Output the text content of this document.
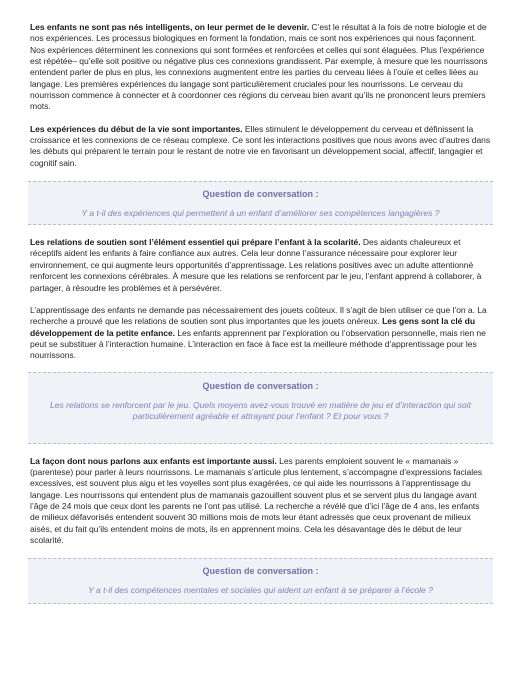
Les enfants ne sont pas nés intelligents, on leur permet de le devenir. C’est le résultat à la fois de notre biologie et de nos expériences. Les processus biologiques en forment la fondation, mais ce sont nos expériences qui nous façonnent. Nos expériences déterminent les connexions qui sont formées et renforcées et celles qui sont élaguées. Plus l’expérience est répétée– qu’elle soit positive ou négative plus ces connexions grandissent. Par exemple, à mesure que les nourrissons entendent parler de plus en plus, les connexions augmentent entre les parties du cerveau liées à l’ouïe et celles liées au langage. Les premières expériences du langage sont particulièrement cruciales pour les nourrissons. Le cerveau du nourrisson commence à connecter et à coordonner ces régions du cerveau bien avant qu’ils ne prononcent leurs premiers mots.

Les expériences du début de la vie sont importantes. Elles stimulent le développement du cerveau et définissent la croissance et les connexions de ce réseau complexe. Ce sont les interactions positives que nous avons avec d’autres dans les débuts qui préparent le terrain pour le restant de notre vie en favorisant un développement social, affectif, langagier et cognitif sain.

Question de conversation :

Y a t-il des expériences qui permettent à un enfant d’améliorer ses compétences langagières ?

Les relations de soutien sont l’élément essentiel qui prépare l’enfant à la scolarité. Des aidants chaleureux et réceptifs aident les enfants à faire confiance aux autres. Cela leur donne l’assurance nécessaire pour explorer leur environnement, ce qui augmente leurs opportunités d’apprentissage. Les relations positives avec un adulte attentionné renforcent les connexions cérébrales. À mesure que les relations se renforcent par le jeu, l’enfant apprend à collaborer, à partager, à résoudre les problèmes et à persévérer.

L’apprentissage des enfants ne demande pas nécessairement des jouets coûteux. Il s’agit de bien utiliser ce que l’on a. La recherche a prouvé que les relations de soutien sont plus importantes que les jouets onéreux. Les gens sont la clé du développement de la petite enfance. Les enfants apprennent par l’exploration ou l’observation personnelle, mais rien ne peut se substituer à l’interaction humaine. L’interaction en face à face est la meilleure méthode d’apprentissage pour les nourrissons.

Question de conversation :

Les relations se renforcent par le jeu. Quels moyens avez-vous trouvé en matière de jeu et d’interaction qui soit particulièrement agréable et attrayant pour l’enfant ? Et pour vous ?

La façon dont nous parlons aux enfants est importante aussi. Les parents emploient souvent le « mamanais » (parentese) pour parler à leurs nourrissons. Le mamanais s’articule plus lentement, s’accompagne d’expressions faciales excessives, est souvent plus aigu et les voyelles sont plus exagérées, ce qui aide les nourrissons à l’apprentissage du langage. Les nourrissons qui entendent plus de mamanais gazouillent souvent plus et se servent plus du langage avant l’âge de 24 mois que ceux dont les parents ne l’ont pas utilisé. La recherche a révélé que d’ici l’âge de 4 ans, les enfants de milieux défavorisés entendent souvent 30 millions mois de mots leur étant adressés que ceux provenant de milieux aisés, et du fait qu’ils entendent moins de mots, ils en apprennent moins. Cela les désavantage dès le début de leur scolarité.

Question de conversation :

Y a t-il des compétences mentales et sociales qui aident un enfant à se préparer à l’école ?
